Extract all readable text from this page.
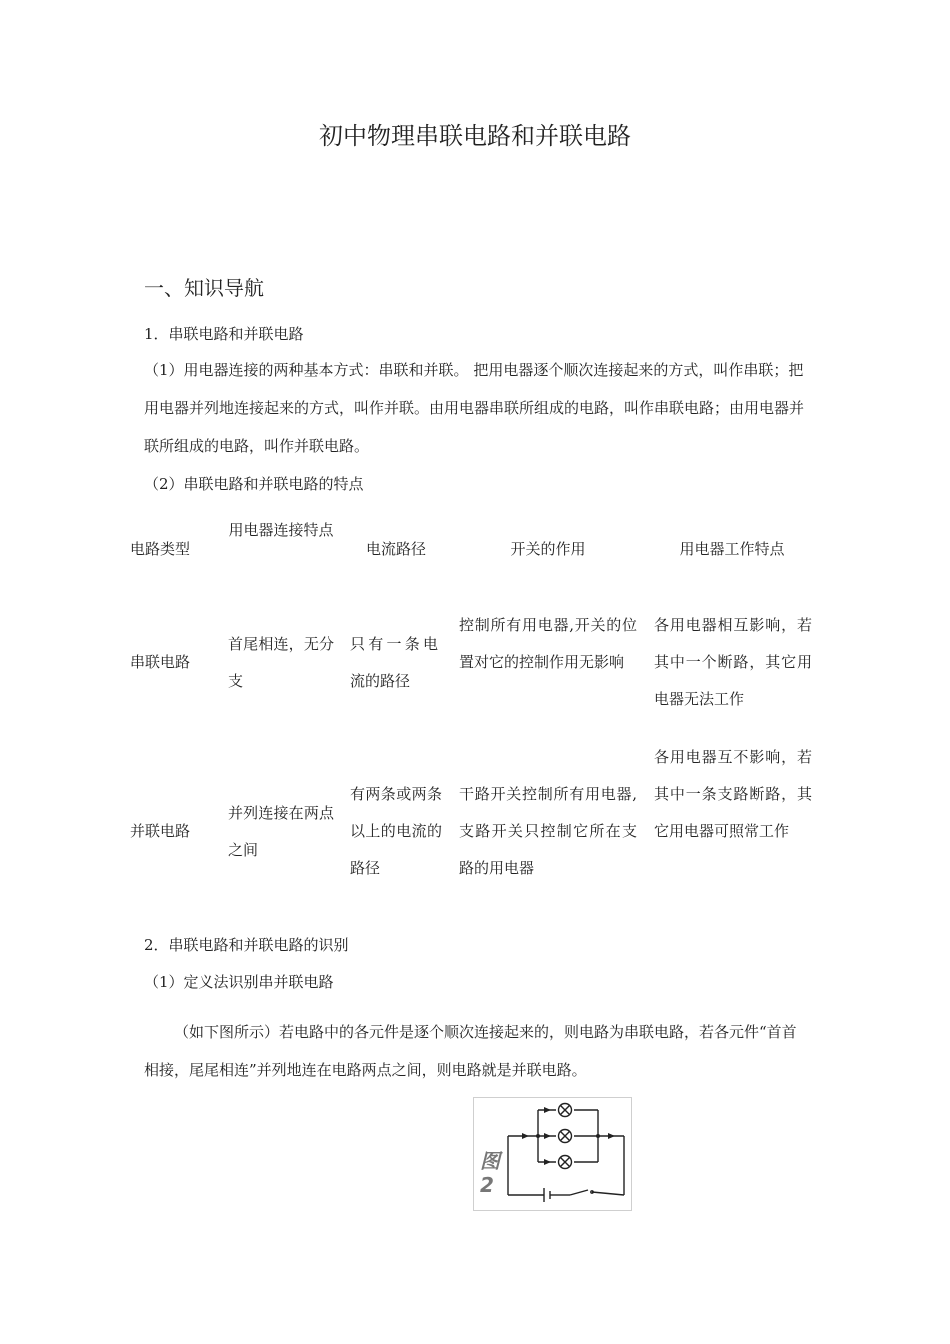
初中物理串联电路和并联电路
一、知识导航
1．串联电路和并联电路
（1）用电器连接的两种基本方式：串联和并联。 把用电器逐个顺次连接起来的方式，叫作串联；把用电器并列地连接起来的方式，叫作并联。由用电器串联所组成的电路，叫作串联电路；由用电器并联所组成的电路，叫作并联电路。
（2）串联电路和并联电路的特点
电路类型
用电器连接特点
电流路径	开关的作用	用电器工作特点
串联电路
首尾相连，无分支
只有一条电流的路径
控制所有用电器,开关的位置对它的控制作用无影响
各用电器相互影响，若其中一个断路，其它用电器无法工作
并联电路
并列连接在两点之间
有两条或两条以上的电流的路径
干路开关控制所有用电器,支路开关只控制它所在支路的用电器
各用电器互不影响，若其中一条支路断路，其它用电器可照常工作
2．串联电路和并联电路的识别
（1）定义法识别串并联电路
（如下图所示）若电路中的各元件是逐个顺次连接起来的，则电路为串联电路，若各元件“首首相接，尾尾相连”并列地连在电路两点之间，则电路就是并联电路。
图
2
